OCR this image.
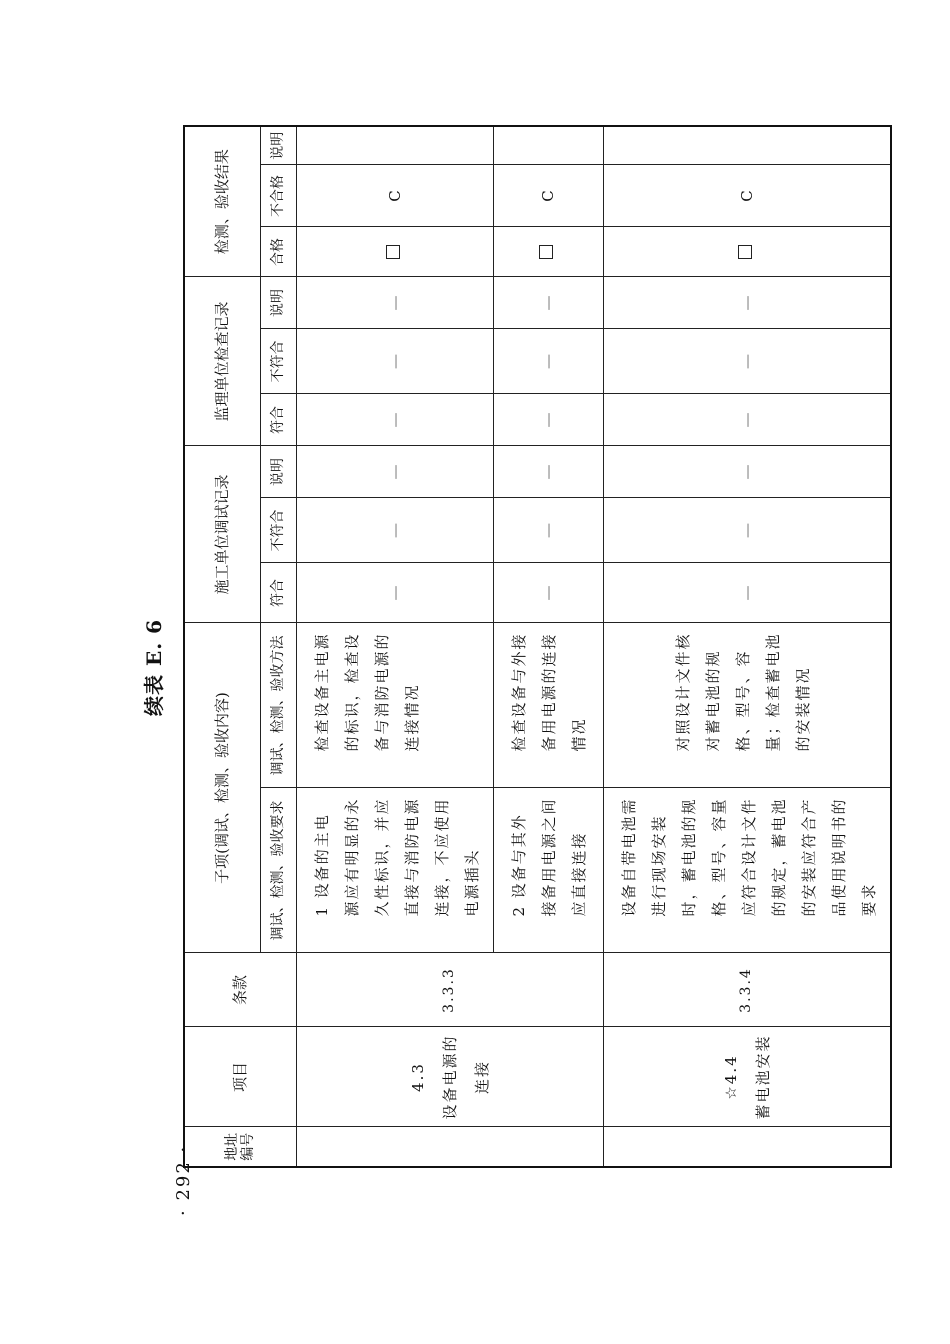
续表 E. 6
· 292 · 地址编号	项目	条款	子项(调试、检测、验收内容)		施工单位调试记录			监理单位检查记录			检测、验收结果		
			调试、检测、验收要求	调试、检测、验收方法	符合	不符合	说明	符合	不符合	说明	合格	不合格	说明

	4.3 设备电源的连接	3.3.3	1 设备的主电源应有明显的永久性标识，并应直接与消防电源连接，不应使用电源插头	检查设备主电源的标识，检查设备与消防电源的连接情况	—	—	—	—	—	—		C	

			2 设备与其外接备用电源之间应直接连接	检查设备与外接备用电源的连接情况	—	—	—	—	—	—		C	

	☆4.4 蓄电池安装	3.3.4	设备自带电池需进行现场安装时，蓄电池的规格、型号、容量应符合设计文件的规定，蓄电池的安装应符合产品使用说明书的要求	对照设计文件核对蓄电池的规格、型号、容量；检查蓄电池的安装情况	—	—	—	—	—	—		C	
